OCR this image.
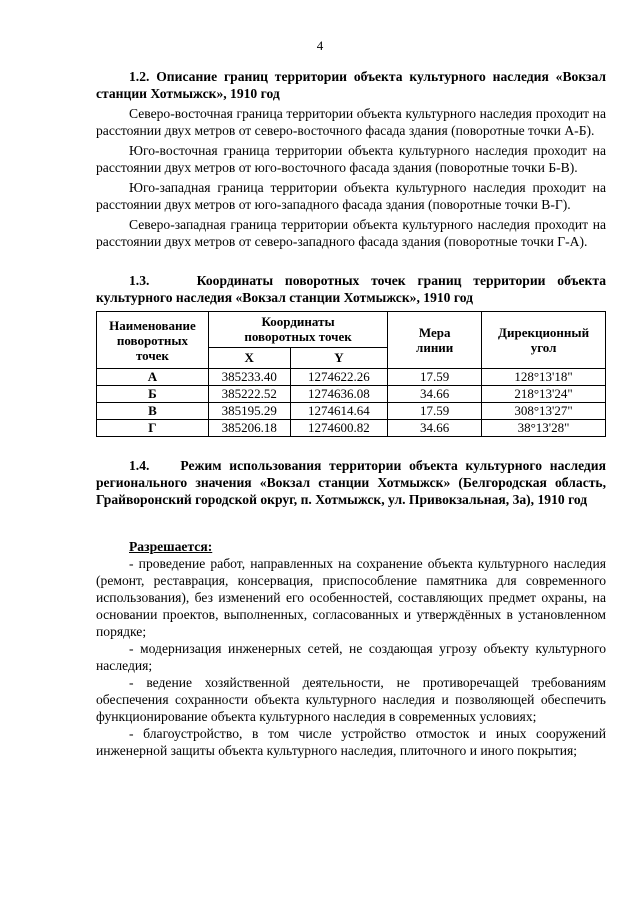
4

1.2. Описание границ территории объекта культурного наследия «Вокзал станции Хотмыжск», 1910 год

Северо-восточная граница территории объекта культурного наследия проходит на расстоянии двух метров от северо-восточного фасада здания (поворотные точки А-Б).

Юго-восточная граница территории объекта культурного наследия проходит на расстоянии двух метров от юго-восточного фасада здания (поворотные точки Б-В).

Юго-западная граница территории объекта культурного наследия проходит на расстоянии двух метров от юго-западного фасада здания (поворотные точки В-Г).

Северо-западная граница территории объекта культурного наследия проходит на расстоянии двух метров от северо-западного фасада здания (поворотные точки Г-А).

1.3.    Координаты поворотных точек границ территории объекта культурного наследия «Вокзал станции Хотмыжск», 1910 год

Наименование поворотных точек	Координаты поворотных точек		Мера линии	Дирекционный угол
	X	Y		
А	385233.40	1274622.26	17.59	128°13'18"
Б	385222.52	1274636.08	34.66	218°13'24"
В	385195.29	1274614.64	17.59	308°13'27"
Г	385206.18	1274600.82	34.66	38°13'28"

1.4.    Режим использования территории объекта культурного наследия регионального значения «Вокзал станции Хотмыжск» (Белгородская область, Грайворонский городской округ, п. Хотмыжск, ул. Привокзальная, 3а), 1910 год

Разрешается:

- проведение работ, направленных на сохранение объекта культурного наследия (ремонт, реставрация, консервация, приспособление памятника для современного использования), без изменений его особенностей, составляющих предмет охраны, на основании проектов, выполненных, согласованных и утверждённых в установленном порядке;

- модернизация инженерных сетей, не создающая угрозу объекту культурного наследия;

- ведение хозяйственной деятельности, не противоречащей требованиям обеспечения сохранности объекта культурного наследия и позволяющей обеспечить функционирование объекта культурного наследия в современных условиях;

- благоустройство, в том числе устройство отмосток и иных сооружений инженерной защиты объекта культурного наследия, плиточного и иного покрытия;
